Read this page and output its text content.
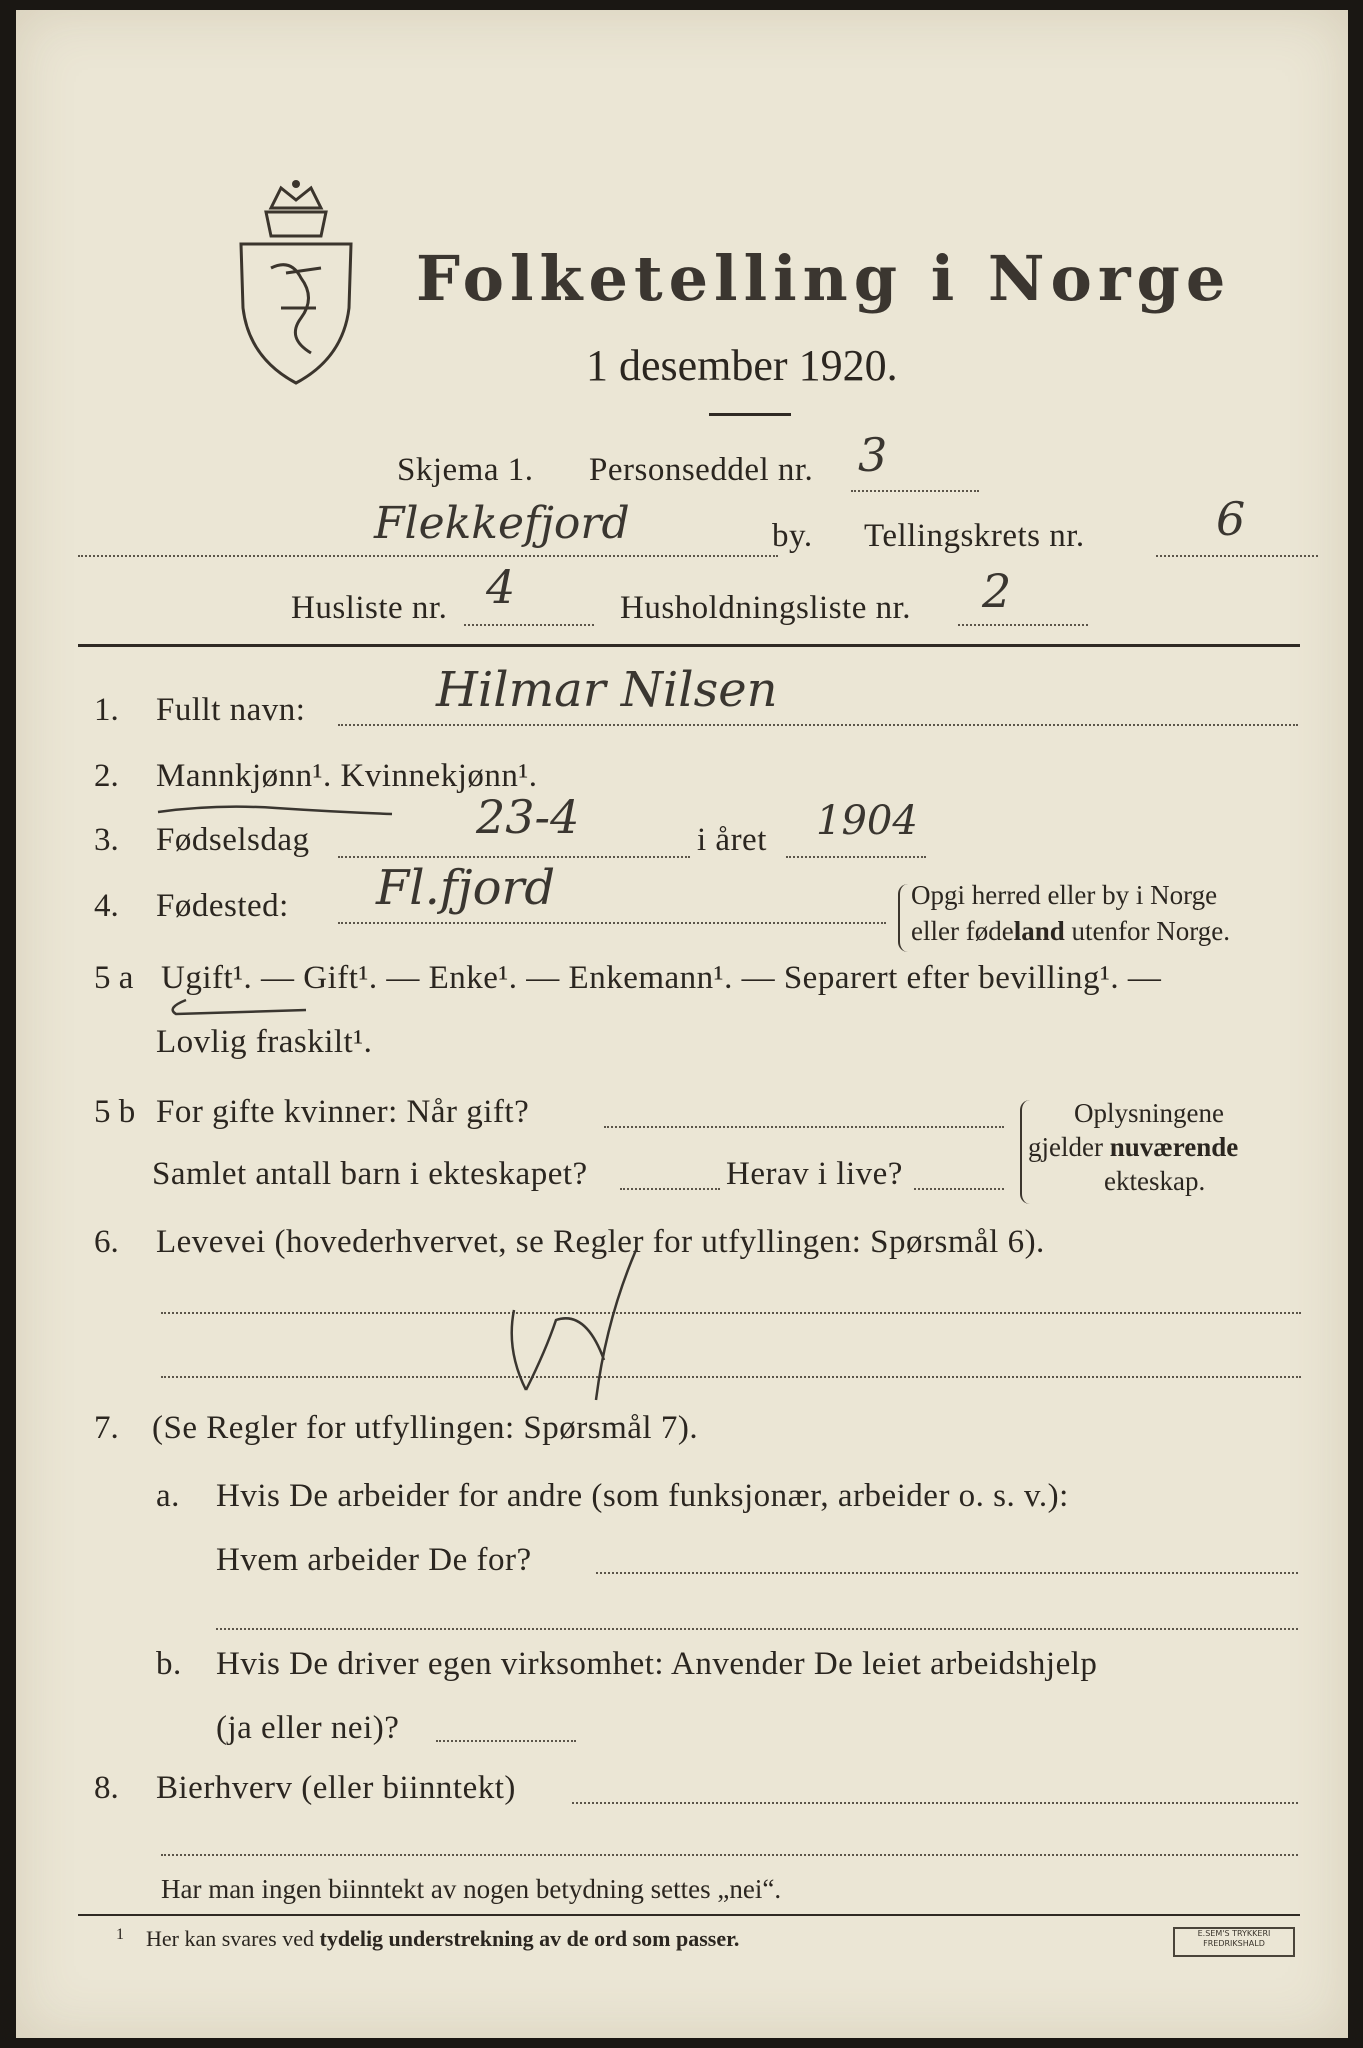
Folketelling i Norge
1 desember 1920.
Skjema 1. Personseddel nr. 3
Flekkefjord	by. Tellingskrets nr.	6
Husliste nr. 4	Husholdningsliste nr. 2
1. Fullt navn:	Hilmar Nilsen
2. Mannkjønn¹. Kvinnekjønn¹.
3. Fødselsdag	23-4	i året 1904
4. Fødested: Fl.fjord	Opgi herred eller by i Norge
eller fødeland utenfor Norge.
5 a Ugift¹. — Gift¹. — Enke¹. — Enkemann¹. — Separert efter bevilling¹. —
Lovlig fraskilt¹.
5 b For gifte kvinner: Når gift?
Samlet antall barn i ekteskapet?	Herav i live?
Oplysningene
gjelder nuværende
ekteskap.
6. Levevei (hovederhvervet, se Regler for utfyllingen: Spørsmål 6).
7. (Se Regler for utfyllingen: Spørsmål 7).
a. Hvis De arbeider for andre (som funksjonær, arbeider o. s. v.):
Hvem arbeider De for?
b. Hvis De driver egen virksomhet: Anvender De leiet arbeidshjelp
(ja eller nei)?
8. Bierhverv (eller biinntekt)
Har man ingen biinntekt av nogen betydning settes „nei“.
1 Her kan svares ved tydelig understrekning av de ord som passer.	E.SEM'S TRYKKERI
FREDRIKSHALD
